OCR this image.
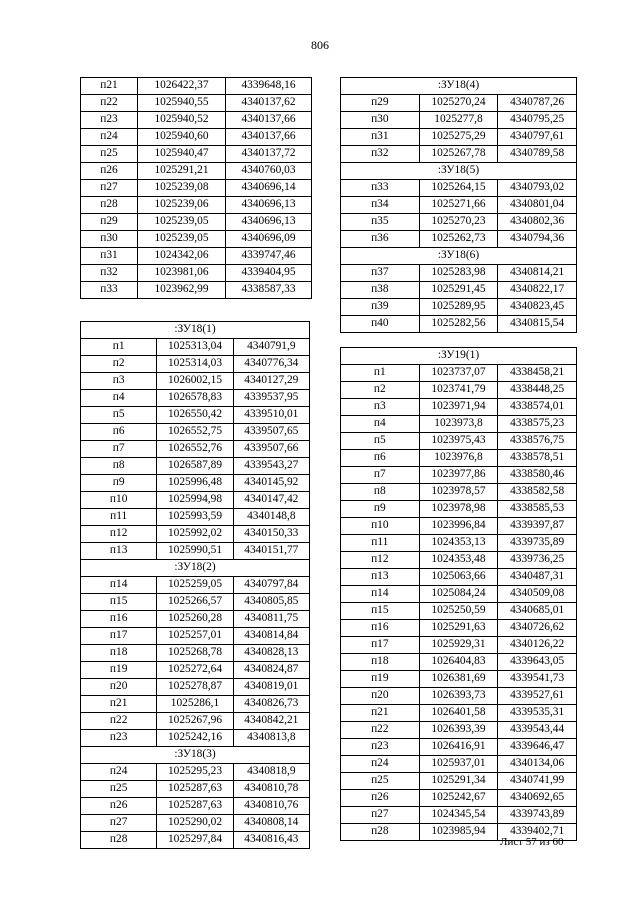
806
п21	1026422,37	4339648,16
п22	1025940,55	4340137,62
п23	1025940,52	4340137,66
п24	1025940,60	4340137,66
п25	1025940,47	4340137,72
п26	1025291,21	4340760,03
п27	1025239,08	4340696,14
п28	1025239,06	4340696,13
п29	1025239,05	4340696,13
п30	1025239,05	4340696,09
п31	1024342,06	4339747,46
п32	1023981,06	4339404,95
п33	1023962,99	4338587,33
:ЗУ18(1)		
п1	1025313,04	4340791,9
п2	1025314,03	4340776,34
п3	1026002,15	4340127,29
п4	1026578,83	4339537,95
п5	1026550,42	4339510,01
п6	1026552,75	4339507,65
п7	1026552,76	4339507,66
п8	1026587,89	4339543,27
п9	1025996,48	4340145,92
п10	1025994,98	4340147,42
п11	1025993,59	4340148,8
п12	1025992,02	4340150,33
п13	1025990,51	4340151,77
:ЗУ18(2)		
п14	1025259,05	4340797,84
п15	1025266,57	4340805,85
п16	1025260,28	4340811,75
п17	1025257,01	4340814,84
п18	1025268,78	4340828,13
п19	1025272,64	4340824,87
п20	1025278,87	4340819,01
п21	1025286,1	4340826,73
п22	1025267,96	4340842,21
п23	1025242,16	4340813,8
:ЗУ18(3)		
п24	1025295,23	4340818,9
п25	1025287,63	4340810,78
п26	1025287,63	4340810,76
п27	1025290,02	4340808,14
п28	1025297,84	4340816,43
:ЗУ18(4)		
п29	1025270,24	4340787,26
п30	1025277,8	4340795,25
п31	1025275,29	4340797,61
п32	1025267,78	4340789,58
:ЗУ18(5)		
п33	1025264,15	4340793,02
п34	1025271,66	4340801,04
п35	1025270,23	4340802,36
п36	1025262,73	4340794,36
:ЗУ18(6)		
п37	1025283,98	4340814,21
п38	1025291,45	4340822,17
п39	1025289,95	4340823,45
п40	1025282,56	4340815,54
:ЗУ19(1)		
п1	1023737,07	4338458,21
п2	1023741,79	4338448,25
п3	1023971,94	4338574,01
п4	1023973,8	4338575,23
п5	1023975,43	4338576,75
п6	1023976,8	4338578,51
п7	1023977,86	4338580,46
п8	1023978,57	4338582,58
п9	1023978,98	4338585,53
п10	1023996,84	4339397,87
п11	1024353,13	4339735,89
п12	1024353,48	4339736,25
п13	1025063,66	4340487,31
п14	1025084,24	4340509,08
п15	1025250,59	4340685,01
п16	1025291,63	4340726,62
п17	1025929,31	4340126,22
п18	1026404,83	4339643,05
п19	1026381,69	4339541,73
п20	1026393,73	4339527,61
п21	1026401,58	4339535,31
п22	1026393,39	4339543,44
п23	1026416,91	4339646,47
п24	1025937,01	4340134,06
п25	1025291,34	4340741,99
п26	1025242,67	4340692,65
п27	1024345,54	4339743,89
п28	1023985,94	4339402,71
Лист 57 из 60
